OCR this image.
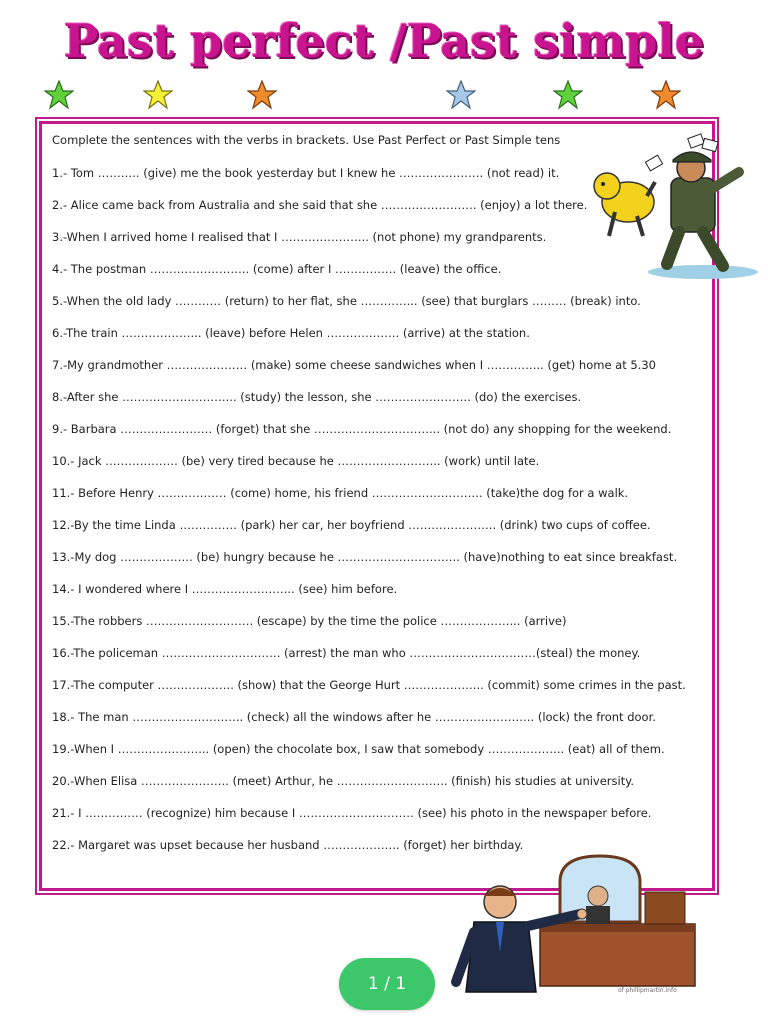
Past perfect /Past simple
Complete the sentences with the verbs in brackets. Use Past Perfect or Past Simple tens
1.- Tom ……….. (give) me the book yesterday but I knew he …………………. (not read) it.
2.- Alice came back from Australia and she said that she ……………………. (enjoy) a lot there.
3.-When I arrived home I realised that I ………………….. (not phone) my grandparents.
4.- The postman …………………….. (come) after I ……………. (leave) the office.
5.-When the old lady ………… (return) to her flat, she …………... (see) that burglars ……… (break) into.
6.-The train ………………... (leave) before Helen ………………. (arrive) at the station.
7.-My grandmother ………………… (make) some cheese sandwiches when I …………... (get) home at 5.30
8.-After she ………………………... (study) the lesson, she ……………………. (do) the exercises.
9.- Barbara …………………… (forget) that she …………………………... (not do) any shopping for the weekend.
10.- Jack ………………. (be) very tired because he ……………………... (work) until late.
11.- Before Henry ……………… (come) home, his friend ……………………….. (take)the dog for a walk.
12.-By the time Linda …………… (park) her car, her boyfriend ………………….. (drink) two cups of coffee.
13.-My dog ………………. (be) hungry because he ………………………….. (have)nothing to eat since breakfast.
14.- I wondered where I ……………………... (see) him before.
15.-The robbers ………………………. (escape) by the time the police ………………... (arrive)
16.-The policeman …………………………. (arrest) the man who ……………………………(steal) the money.
17.-The computer ……………….. (show) that the George Hurt ………………... (commit) some crimes in the past.
18.- The man ……………………….. (check) all the windows after he …………………….. (lock) the front door.
19.-When I …………………... (open) the chocolate box, I saw that somebody ……………….. (eat) all of them.
20.-When Elisa ………………….. (meet) Arthur, he ……………………….. (finish) his studies at university.
21.- I …………… (recognize) him because I ………………………… (see) his photo in the newspaper before.
22.- Margaret was upset because her husband ……………….. (forget) her birthday.
of phillipmartin.info
1 / 1
